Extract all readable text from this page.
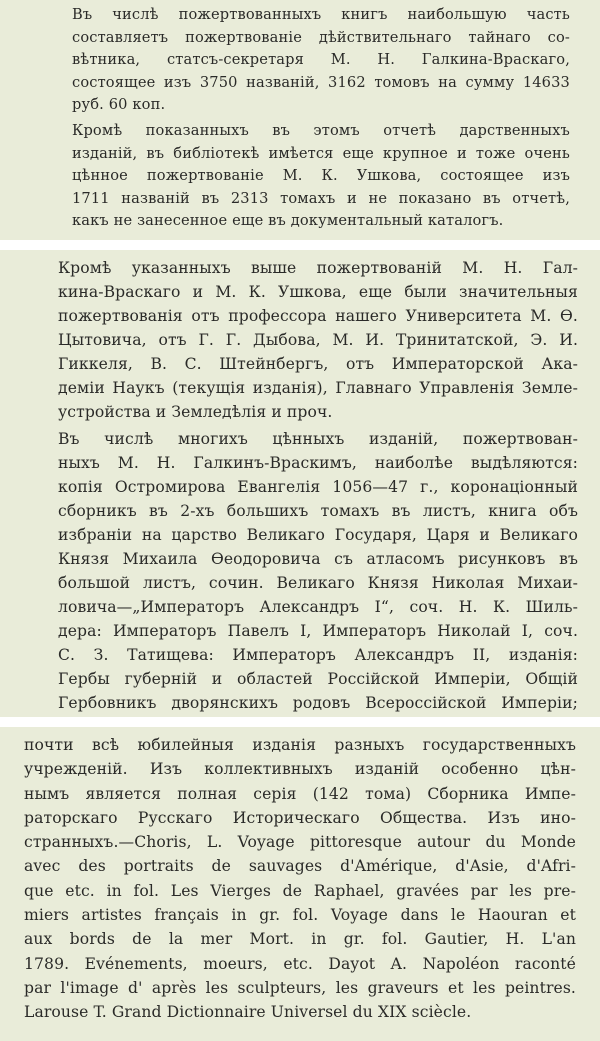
Въ числѣ пожертвованныхъ книгъ наибольшую часть
составляетъ пожертвованіе дѣйствительнаго тайнаго со-
вѣтника, статсъ-секретаря М. Н. Галкина-Враскаго,
состоящее изъ 3750 названій, 3162 томовъ на сумму 14633
руб. 60 коп.

Кромѣ показанныхъ въ этомъ отчетѣ дарственныхъ
изданій, въ библіотекѣ имѣется еще крупное и тоже очень
цѣнное пожертвованіе М. К. Ушкова, состоящее изъ
1711 названій въ 2313 томахъ и не показано въ отчетѣ,
какъ не занесенное еще въ документальный каталогъ.

Кромѣ указанныхъ выше пожертвованій М. Н. Гал-
кина-Враскаго и М. К. Ушкова, еще были значительныя
пожертвованія отъ профессора нашего Университета М. Ѳ.
Цытовича, отъ Г. Г. Дыбова, М. И. Тринитатской, Э. И.
Гиккеля, В. С. Штейнбергъ, отъ Императорской Ака-
деміи Наукъ (текущія изданія), Главнаго Управленія Земле-
устройства и Земледѣлія и проч.

Въ числѣ многихъ цѣнныхъ изданій, пожертвован-
ныхъ М. Н. Галкинъ-Враскимъ, наиболѣе выдѣляются:
копія Остромирова Евангелія 1056—47 г., коронаціонный
сборникъ въ 2-хъ большихъ томахъ въ листъ, книга объ
избраніи на царство Великаго Государя, Царя и Великаго
Князя Михаила Ѳеодоровича съ атласомъ рисунковъ въ
большой листъ, сочин. Великаго Князя Николая Михаи-
ловича—„Императоръ Александръ I“, соч. Н. К. Шиль-
дера: Императоръ Павелъ I, Императоръ Николай I, соч.
С. З. Татищева: Императоръ Александръ II, изданія:
Гербы губерній и областей Россійской Имперіи, Общій
Гербовникъ дворянскихъ родовъ Всероссійской Имперіи;

почти всѣ юбилейныя изданія разныхъ государственныхъ
учрежденій. Изъ коллективныхъ изданій особенно цѣн-
нымъ является полная серія (142 тома) Сборника Импе-
раторскаго Русскаго Историческаго Общества. Изъ ино-
странныхъ.—Choris, L. Voyage pittoresque autour du Monde
avec des portraits de sauvages d'Amérique, d'Asie, d'Afri-
que etc. in fol. Les Vierges de Raphael, gravées par les pre-
miers artistes français in gr. fol. Voyage dans le Haouran et
aux bords de la mer Mort. in gr. fol. Gautier, H. L'an
1789. Evénements, moeurs, etc. Dayot A. Napoléon raconté
par l'image d' après les sculpteurs, les graveurs et les peintres.
Larouse T. Grand Dictionnaire Universel du XIX sciècle.
